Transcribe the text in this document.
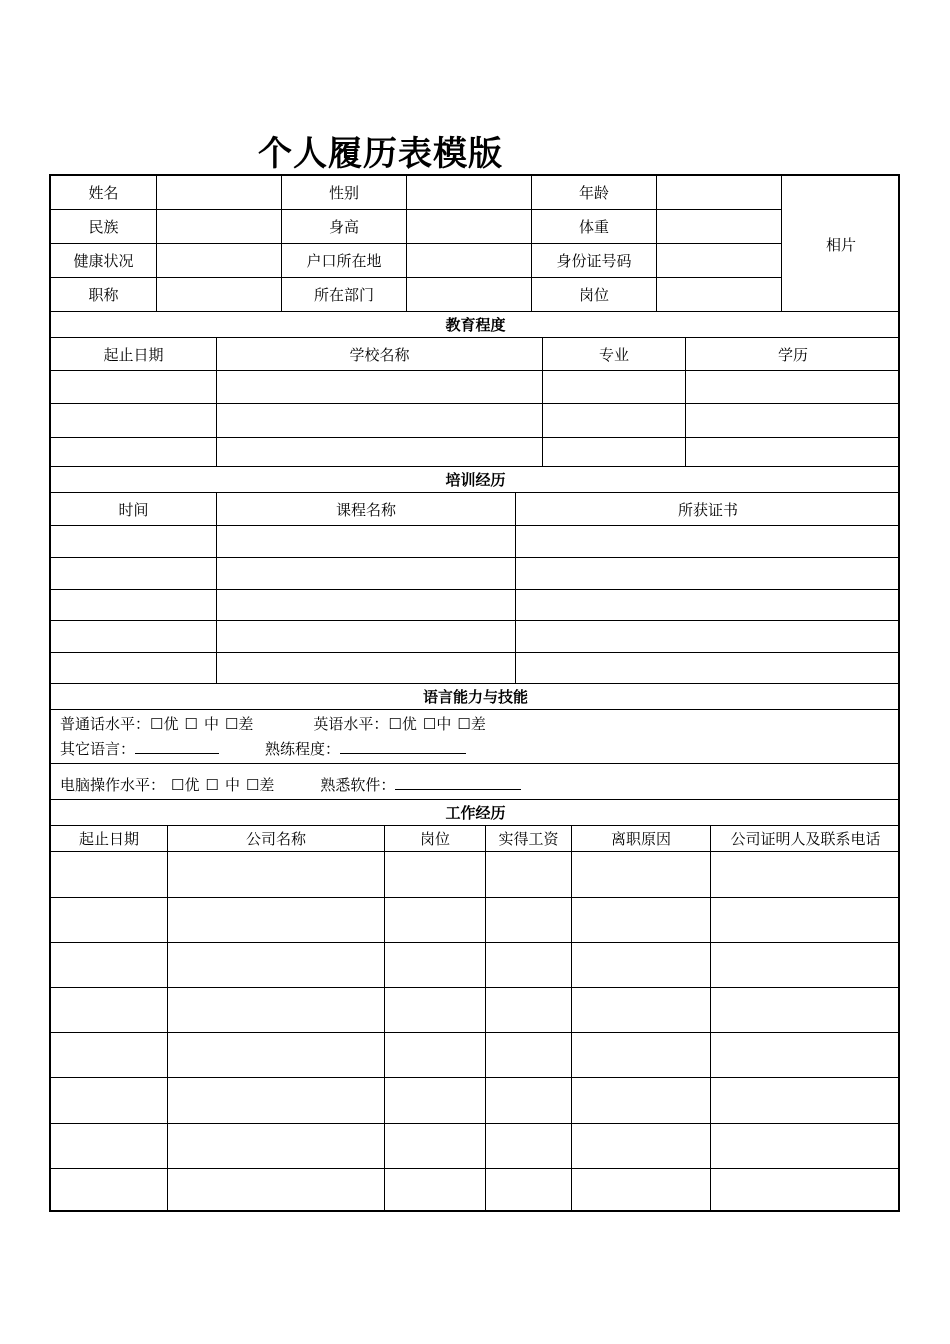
个人履历表模版
姓名	性别	年龄
民族	身高	体重
健康状况	户口所在地	身份证号码
职称	所在部门	岗位
相片
教育程度
起止日期	学校名称	专业	学历
培训经历
时间	课程名称	所获证书
语言能力与技能
普通话水平： ☐ 优 ☐ 中 ☐ 差	英语水平： ☐ 优 ☐ 中 ☐ 差
其它语言：	熟练程度：
电脑操作水平： ☐ 优 ☐ 中 ☐ 差	熟悉软件：
工作经历
起止日期	公司名称	岗位	实得工资	离职原因	公司证明人及联系电话
